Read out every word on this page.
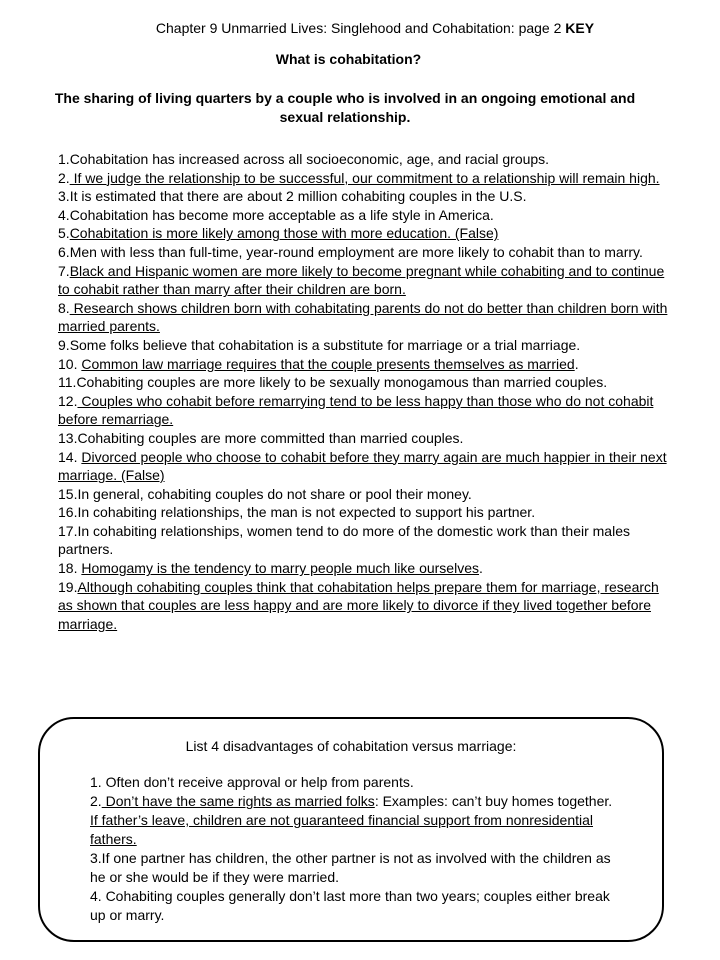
Chapter 9 Unmarried Lives: Singlehood and Cohabitation: page 2 KEY
What is cohabitation?
The sharing of living quarters by a couple who is involved in an ongoing emotional and sexual relationship.

1.Cohabitation has increased across all socioeconomic, age, and racial groups.

2. If we judge the relationship to be successful, our commitment to a relationship will remain high.

3.It is estimated that there are about 2 million cohabiting couples in the U.S.

4.Cohabitation has become more acceptable as a life style in America.

5.Cohabitation is more likely among those with more education. (False)

6.Men with less than full-time, year-round employment are more likely to cohabit than to marry.

7.Black and Hispanic women are more likely to become pregnant while cohabiting and to continue to cohabit rather than marry after their children are born.

8. Research shows children born with cohabitating parents do not do better than children born with married parents.

9.Some folks believe that cohabitation is a substitute for marriage or a trial marriage.

10. Common law marriage requires that the couple presents themselves as married.

11.Cohabiting couples are more likely to be sexually monogamous than married couples.

12. Couples who cohabit before remarrying tend to be less happy than those who do not cohabit before remarriage.

13.Cohabiting couples are more committed than married couples.

14. Divorced people who choose to cohabit before they marry again are much happier in their next marriage. (False)

15.In general, cohabiting couples do not share or pool their money.

16.In cohabiting relationships, the man is not expected to support his partner.

17.In cohabiting relationships, women tend to do more of the domestic work than their males partners.

18. Homogamy is the tendency to marry people much like ourselves.

19.Although cohabiting couples think that cohabitation helps prepare them for marriage, research as shown that couples are less happy and are more likely to divorce if they lived together before marriage.

List 4 disadvantages of cohabitation versus marriage:
1. Often don’t receive approval or help from parents.
2. Don’t have the same rights as married folks: Examples: can’t buy homes together. If father’s leave, children are not guaranteed financial support from nonresidential fathers.
3.If one partner has children, the other partner is not as involved with the children as he or she would be if they were married.
4. Cohabiting couples generally don’t last more than two years; couples either break up or marry.
